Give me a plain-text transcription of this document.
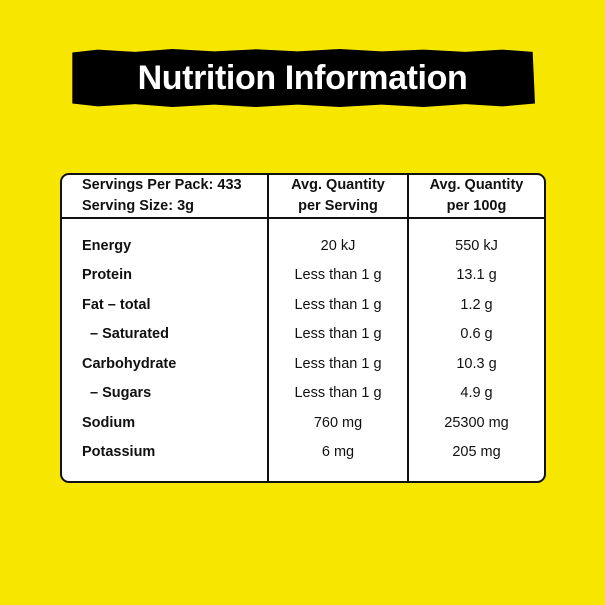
Nutrition Information
Servings Per Pack: 433
Serving Size: 3g

Avg. Quantity
per Serving

Avg. Quantity
per 100g

Energy	20 kJ	550 kJ
Protein	Less than 1 g	13.1 g
Fat – total	Less than 1 g	1.2 g
– Saturated	Less than 1 g	0.6 g
Carbohydrate	Less than 1 g	10.3 g
– Sugars	Less than 1 g	4.9 g
Sodium	760 mg	25300 mg
Potassium	6 mg	205 mg
